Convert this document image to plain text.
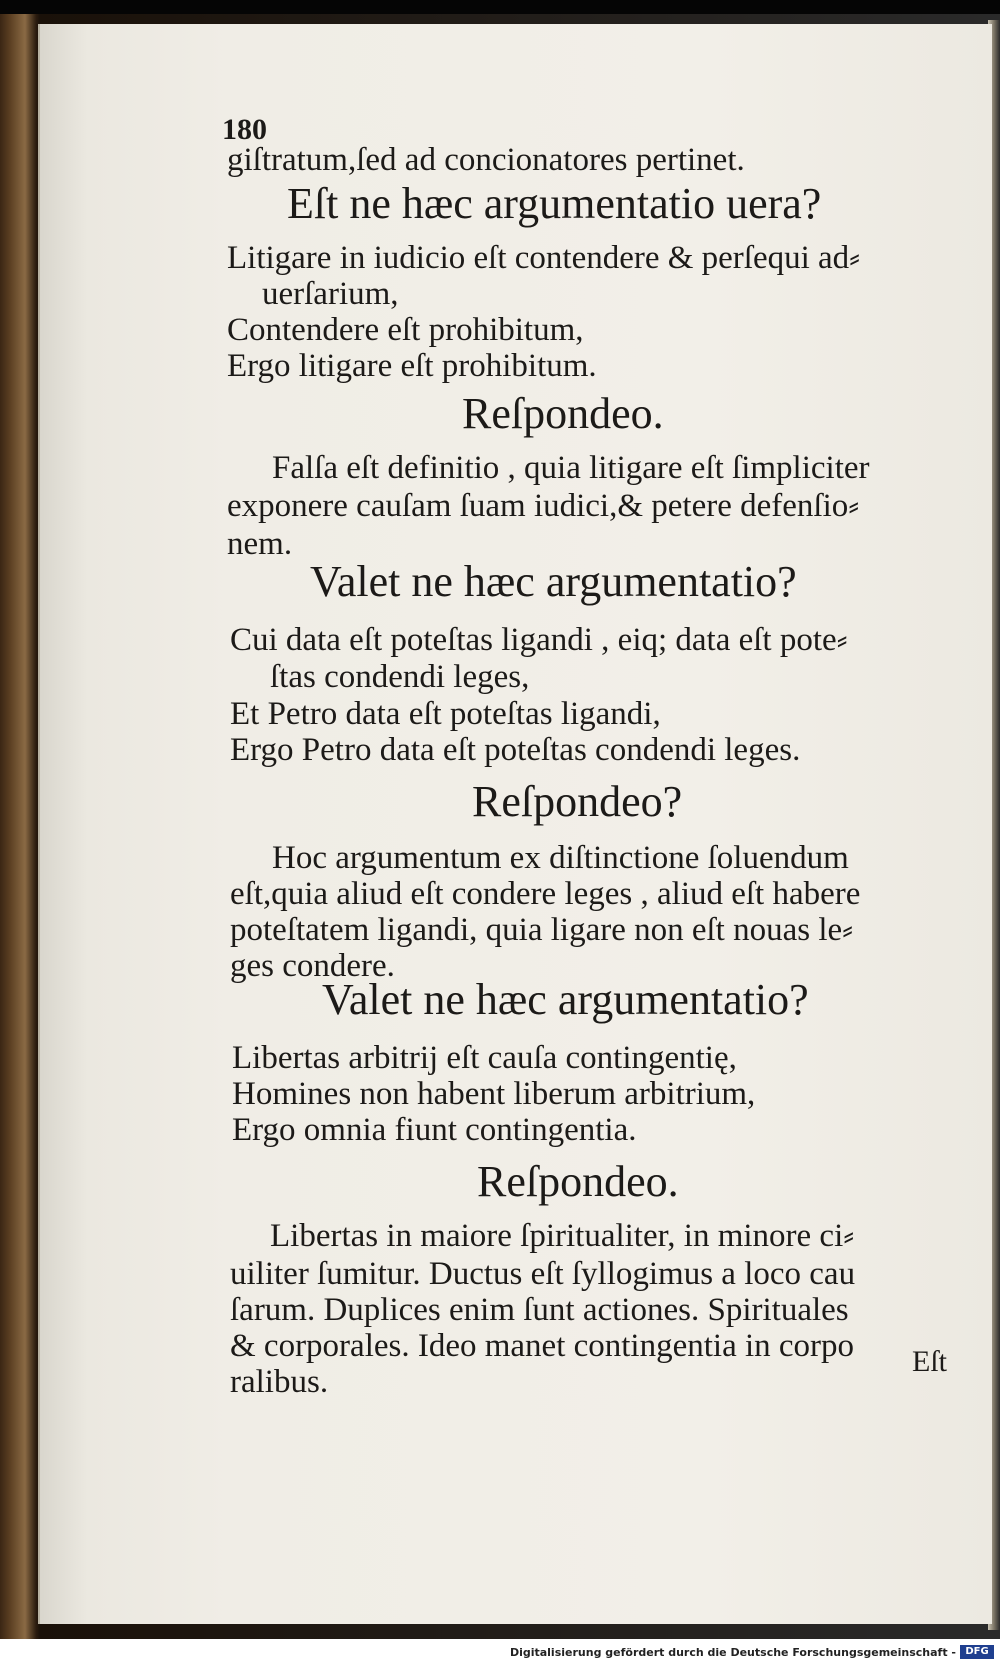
180
giſtratum,ſed ad concionatores pertinet.
Eſt ne hæc argumentatio uera?
Litigare in iudicio eſt contendere & perſequi ad⸗
uerſarium,
Contendere eſt prohibitum,
Ergo litigare eſt prohibitum.
Reſpondeo.
Falſa eſt definitio , quia litigare eſt ſimpliciter
exponere cauſam ſuam iudici,& petere defenſio⸗
nem.
Valet ne hæc argumentatio?
Cui data eſt poteſtas ligandi , eiq; data eſt pote⸗
ſtas condendi leges,
Et Petro data eſt poteſtas ligandi,
Ergo Petro data eſt poteſtas condendi leges.
Reſpondeo?
Hoc argumentum ex diſtinctione ſoluendum
eſt,quia aliud eſt condere leges , aliud eſt habere
poteſtatem ligandi, quia ligare non eſt nouas le⸗
ges condere.
Valet ne hæc argumentatio?
Libertas arbitrij eſt cauſa contingentię,
Homines non habent liberum arbitrium,
Ergo omnia fiunt contingentia.
Reſpondeo.
Libertas in maiore ſpiritualiter, in minore ci⸗
uiliter ſumitur. Ductus eſt ſyllogimus a loco cau
ſarum. Duplices enim ſunt actiones. Spirituales
& corporales. Ideo manet contingentia in corpo
ralibus.
Eſt
Digitalisierung gefördert durch die Deutsche Forschungsgemeinschaft - DFG
